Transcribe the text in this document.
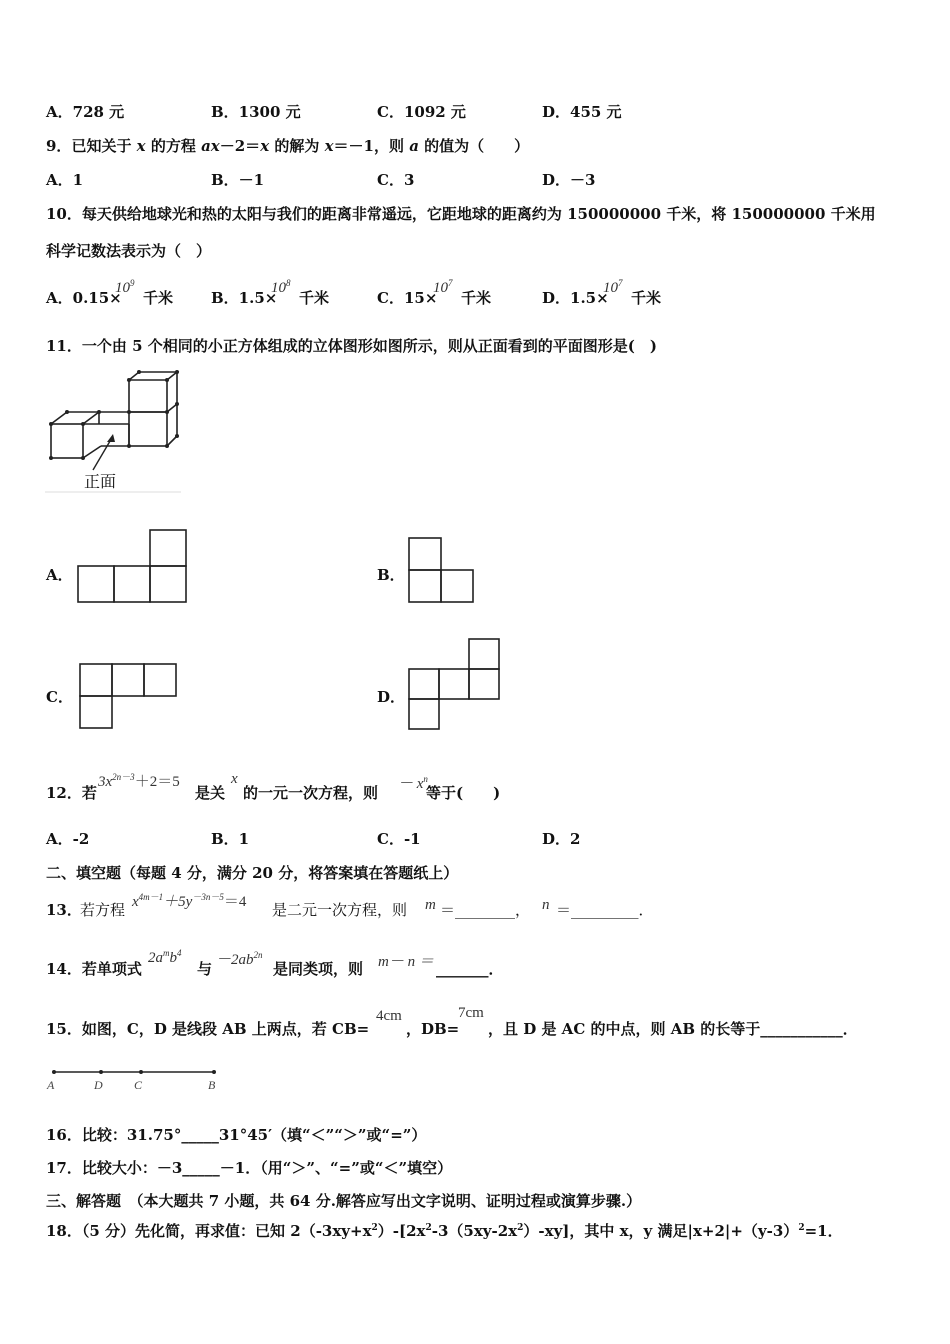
A．728 元	B．1300 元	C．1092 元	D．455 元
9．已知关于 x 的方程 ax－2＝x 的解为 x＝－1，则 a 的值为（　　）
A．1	B．－1	C．3	D．－3
10．每天供给地球光和热的太阳与我们的距离非常遥远，它距地球的距离约为 150000000 千米，将 150000000 千米用
科学记数法表示为（　）
A．0.15×
$10^9$
千米	B．1.5×
$10^8$
千米	C．15×
$10^7$
千米	D．1.5×
$10^7$
千米
11．一个由 5 个相同的小正方体组成的立体图形如图所示，则从正面看到的平面图形是(　)
正面
A．	B．
C．	D．
12．若
$3x^{2n-3}+2=5$
是关
x
的一元一次方程，则 － $x^n$
等于(　　)
A．-2	B．1	C．-1	D．2
二、填空题（每题 4 分，满分 20 分，将答案填在答题纸上）
13．
若方程 $x^{4m-1}+5y^{-3n-5}=4$ 是二元一次方程，则 m ＝________， n ＝_________．
14．若单项式
$2a^mb^4$
与 $-2ab^{2n}$
是同类项，则 m－ n ＝ _______．
15．如图，C，D 是线段 AB 上两点，若 CB=
4cm
，DB=
7cm
，且 D 是 AC 的中点，则 AB 的长等于___________．
A	D	C	B
16．比较：31.75°_____31°45′（填“＜”“＞”或“=”）
17．比较大小：－3_____－1．（用“＞”、“=”或“＜”填空）
三、解答题　（本大题共 7 小题，共 64 分.解答应写出文字说明、证明过程或演算步骤.）
18．（5 分）先化简，再求值：已知 $2(-3xy+x^2)-[2x^2-3(5xy-2x^2)-xy]$，其中 x，y 满足$|x+2|+(y-3)^2=1$．
